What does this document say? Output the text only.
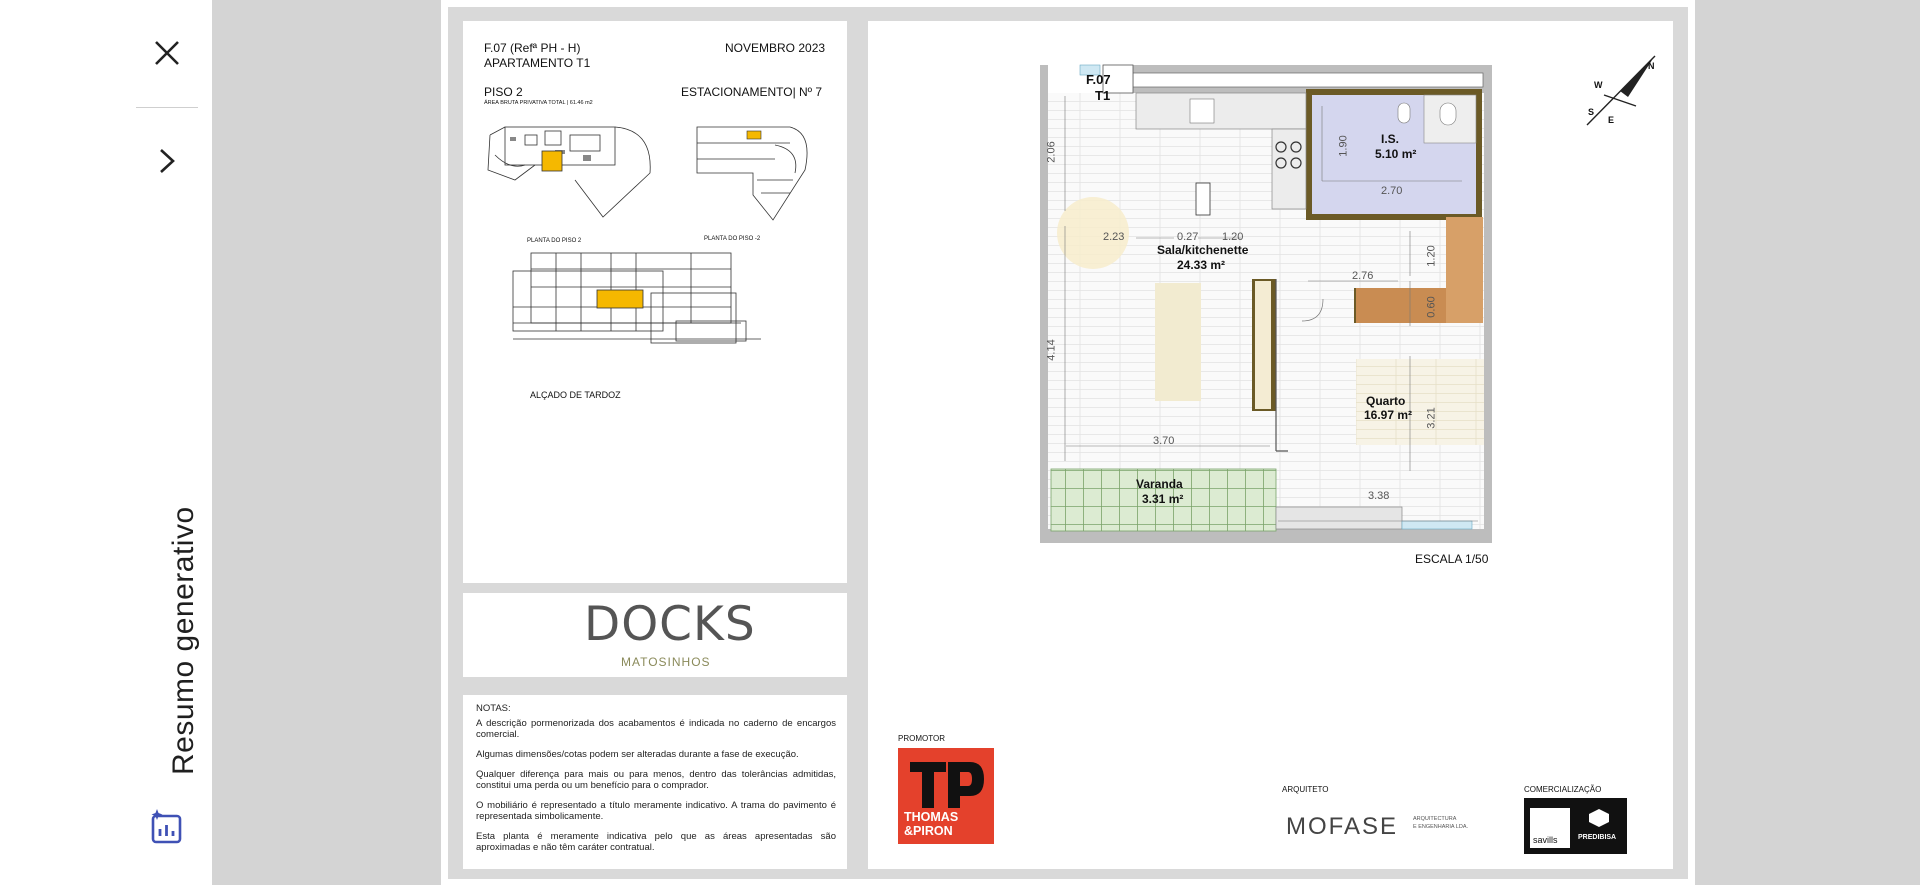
Resumo generativo
F.07 (Refª PH - H)
APARTAMENTO T1
NOVEMBRO 2023
PISO 2	ESTACIONAMENTO| Nº 7
ÁREA BRUTA PRIVATIVA TOTAL | 61.46 m2
PLANTA DO PISO 2	PLANTA DO PISO -2
ALÇADO DE TARDOZ
DOCKS
MATOSINHOS

NOTAS:

A descrição pormenorizada dos acabamentos é indicada no caderno de encargos comercial.

Algumas dimensões/cotas podem ser alteradas durante a fase de execução.

Qualquer diferença para mais ou para menos, dentro das tolerâncias admitidas, constitui uma perda ou um benefício para o comprador.

O mobiliário é representado a título meramente indicativo. A trama do pavimento é representada simbolicamente.

Esta planta é meramente indicativa pelo que as áreas apresentadas são aproximadas e não têm caráter contratual.

F.07
T1
I.S.
5.10 m²
Sala/kitchenette
24.33 m²
Quarto
16.97 m²
Varanda
3.31 m²
2.06	1.90
2.70
2.23	0.27 1.20
1.20
2.76
0.60
4.14
3.21
3.70
3.38
W
N
S
E
ESCALA 1/50
PROMOTOR
THOMAS
&PIRON
ARQUITETO
MOFASE	ARQUITECTURA
E ENGENHARIA LDA.
COMERCIALIZAÇÃO
savills	PREDIBISA
